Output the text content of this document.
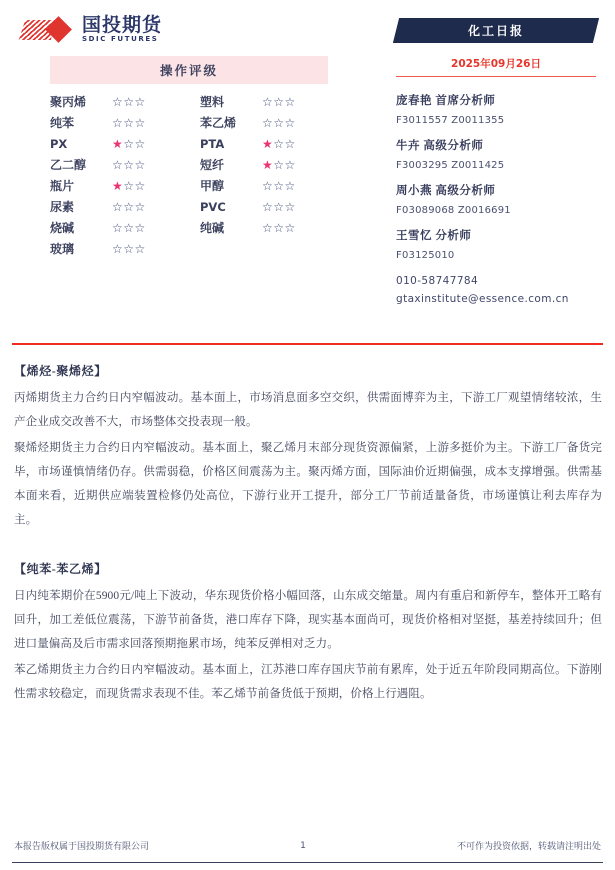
国投期货
SDIC FUTURES
操作评级
聚丙烯	☆☆☆	塑料	☆☆☆
纯苯	☆☆☆	苯乙烯	☆☆☆
PX	★☆☆	PTA	★☆☆
乙二醇	☆☆☆	短纤	★☆☆
瓶片	★☆☆	甲醇	☆☆☆
尿素	☆☆☆	PVC	☆☆☆
烧碱	☆☆☆	纯碱	☆☆☆
玻璃	☆☆☆
化工日报
2025年09月26日
庞春艳 首席分析师
F3011557 Z0011355
牛卉 高级分析师
F3003295 Z0011425
周小燕 高级分析师
F03089068 Z0016691
王雪忆 分析师
F03125010
010-58747784
gtaxinstitute@essence.com.cn
【烯烃-聚烯烃】

丙烯期货主力合约日内窄幅波动。基本面上，市场消息面多空交织，供需面博弈为主，下游工厂观望情绪较浓，生产企业成交改善不大，市场整体交投表现一般。

聚烯烃期货主力合约日内窄幅波动。基本面上，聚乙烯月末部分现货资源偏紧，上游多挺价为主。下游工厂备货完毕，市场谨慎情绪仍存。供需弱稳，价格区间震荡为主。聚丙烯方面，国际油价近期偏强，成本支撑增强。供需基本面来看，近期供应端装置检修仍处高位，下游行业开工提升，部分工厂节前适量备货，市场谨慎让利去库存为主。

【纯苯-苯乙烯】

日内纯苯期价在5900元/吨上下波动，华东现货价格小幅回落，山东成交缩量。周内有重启和新停车，整体开工略有回升，加工差低位震荡，下游节前备货，港口库存下降，现实基本面尚可，现货价格相对坚挺，基差持续回升；但进口量偏高及后市需求回落预期拖累市场，纯苯反弹相对乏力。

苯乙烯期货主力合约日内窄幅波动。基本面上，江苏港口库存国庆节前有累库，处于近五年阶段同期高位。下游刚性需求较稳定，而现货需求表现不佳。苯乙烯节前备货低于预期，价格上行遇阻。

本报告版权属于国投期货有限公司	1	不可作为投资依据，转载请注明出处
